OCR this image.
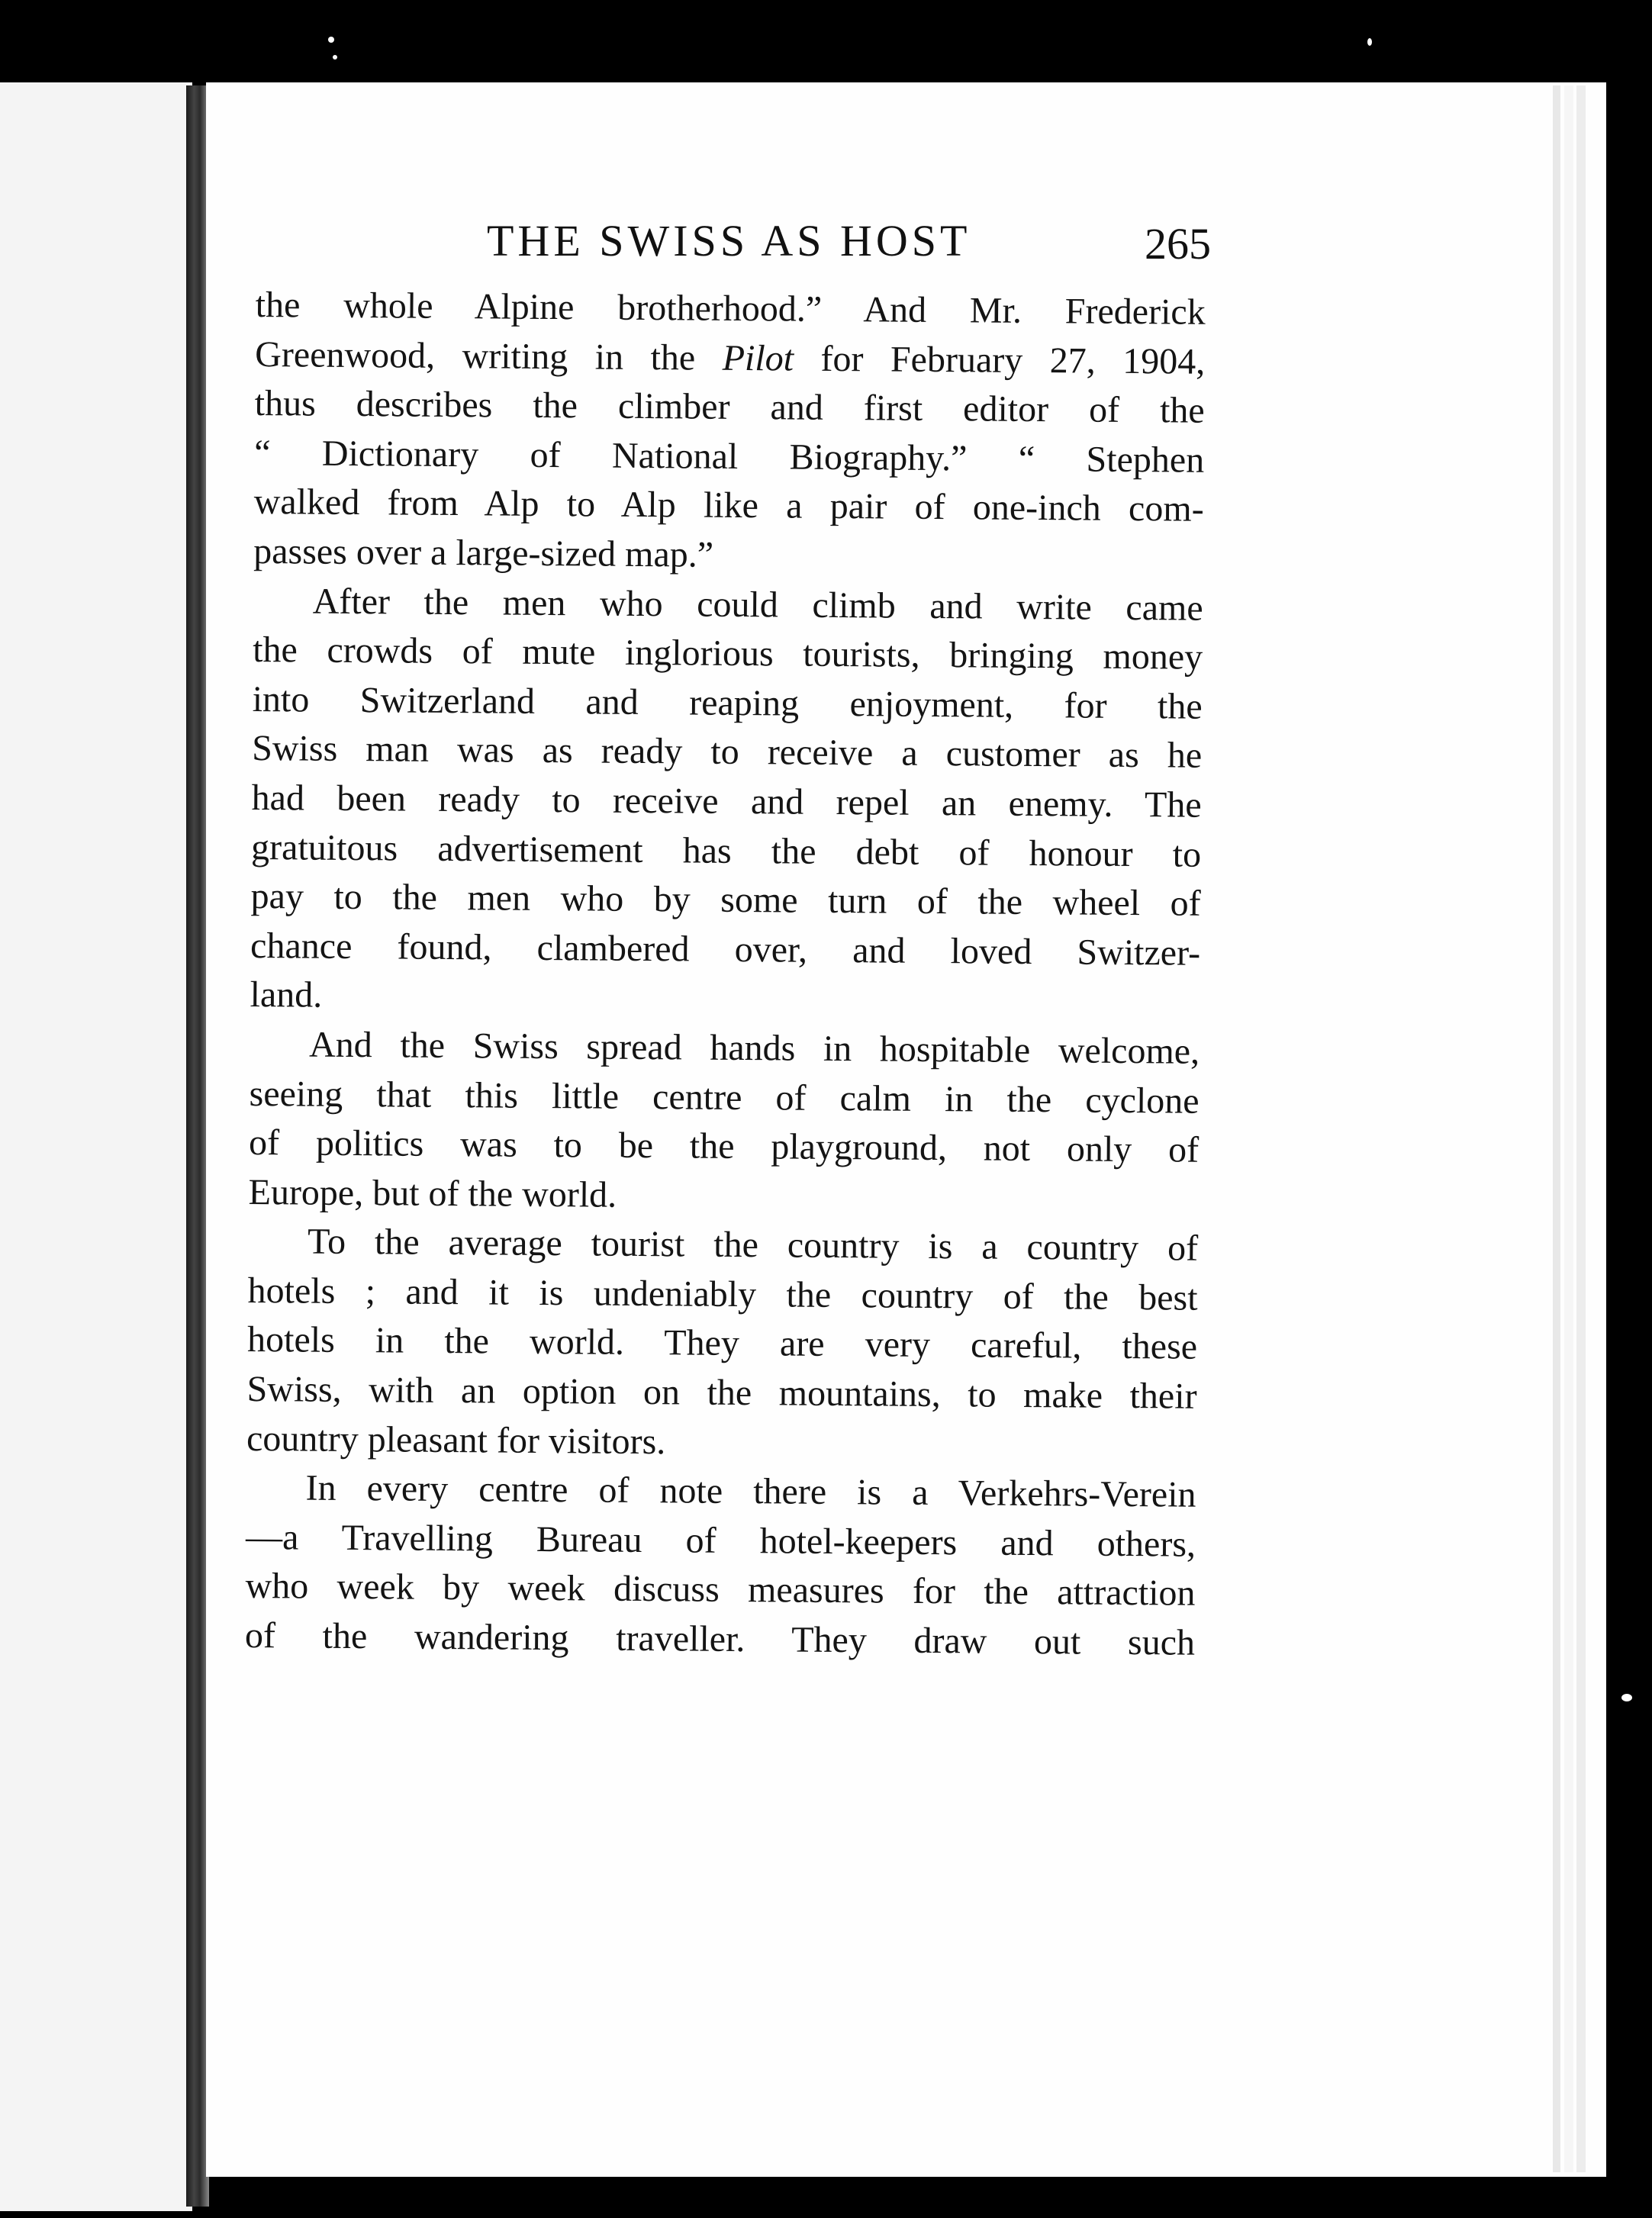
THE SWISS AS HOST	265
the whole Alpine brotherhood.” And Mr. Frederick
Greenwood, writing in the Pilot for February 27, 1904,
thus describes the climber and first editor of the
“ Dictionary of National Biography.” “ Stephen
walked from Alp to Alp like a pair of one-inch com-
passes over a large-sized map.”
After the men who could climb and write came
the crowds of mute inglorious tourists, bringing money
into Switzerland and reaping enjoyment, for the
Swiss man was as ready to receive a customer as he
had been ready to receive and repel an enemy. The
gratuitous advertisement has the debt of honour to
pay to the men who by some turn of the wheel of
chance found, clambered over, and loved Switzer-
land.
And the Swiss spread hands in hospitable welcome,
seeing that this little centre of calm in the cyclone
of politics was to be the playground, not only of
Europe, but of the world.
To the average tourist the country is a country of
hotels ; and it is undeniably the country of the best
hotels in the world. They are very careful, these
Swiss, with an option on the mountains, to make their
country pleasant for visitors.
In every centre of note there is a Verkehrs-Verein
—a Travelling Bureau of hotel-keepers and others,
who week by week discuss measures for the attraction
of the wandering traveller. They draw out such
